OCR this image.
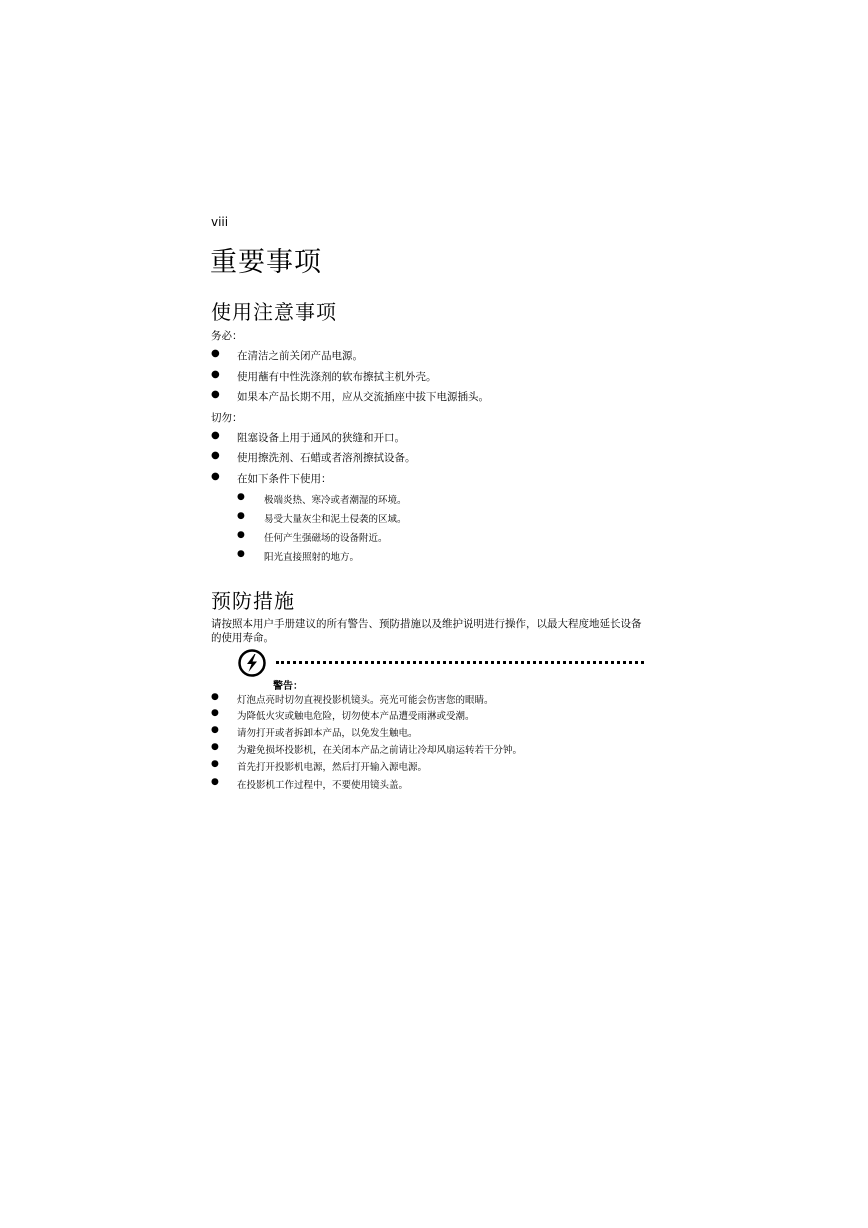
viii
重要事项
使用注意事项
务必：
● 在清洁之前关闭产品电源。
● 使用蘸有中性洗涤剂的软布擦拭主机外壳。
● 如果本产品长期不用，应从交流插座中拔下电源插头。
切勿：
● 阻塞设备上用于通风的狭缝和开口。
● 使用擦洗剂、石蜡或者溶剂擦拭设备。
● 在如下条件下使用：
● 极端炎热、寒冷或者潮湿的环境。
● 易受大量灰尘和泥土侵袭的区域。
● 任何产生强磁场的设备附近。
● 阳光直接照射的地方。
预防措施
请按照本用户手册建议的所有警告、预防措施以及维护说明进行操作，以最大程度地延长设备的使用寿命。
警告：
● 灯泡点亮时切勿直视投影机镜头。亮光可能会伤害您的眼睛。
● 为降低火灾或触电危险，切勿使本产品遭受雨淋或受潮。
● 请勿打开或者拆卸本产品，以免发生触电。
● 为避免损坏投影机，在关闭本产品之前请让冷却风扇运转若干分钟。
● 首先打开投影机电源，然后打开输入源电源。
● 在投影机工作过程中，不要使用镜头盖。
